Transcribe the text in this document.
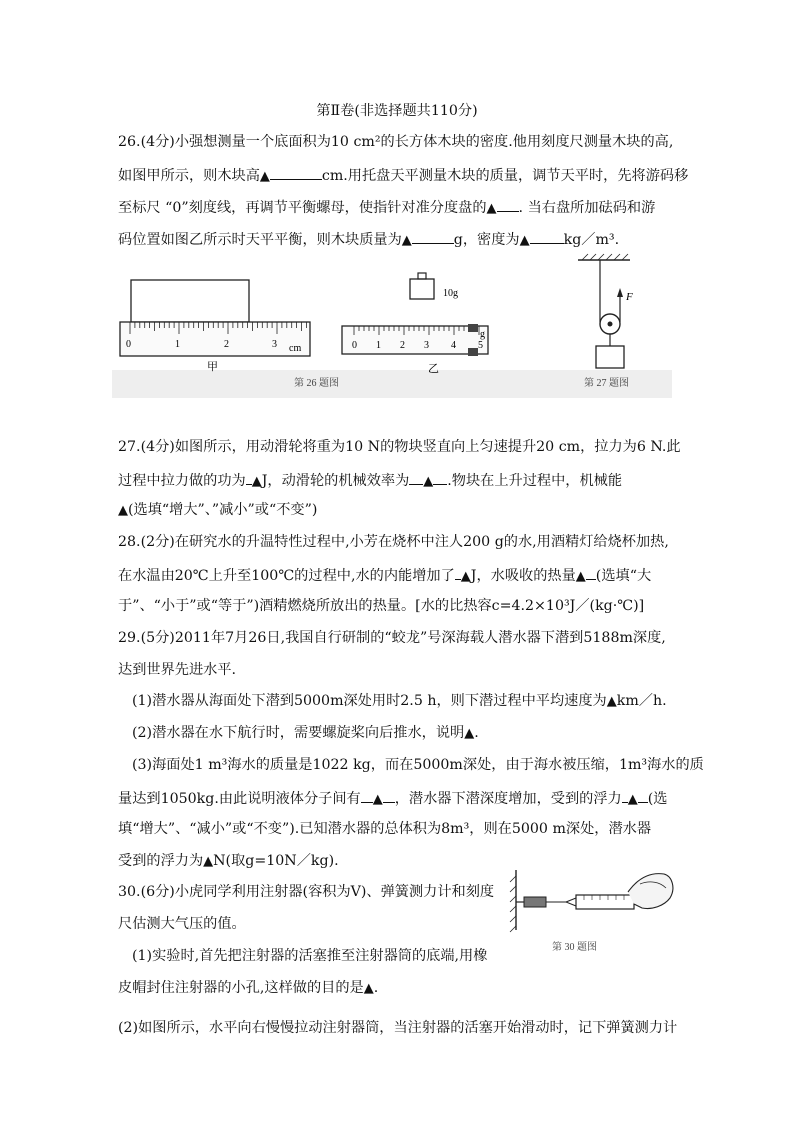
第Ⅱ卷(非选择题共110分)
26.(4分)小强想测量一个底面积为10 cm²的长方体木块的密度.他用刻度尺测量木块的高,
如图甲所示，则木块高▲	cm.用托盘天平测量木块的质量，调节天平时，先将游码移
至标尺 “0”刻度线，再调节平衡螺母，使指针对准分度盘的▲ . 当右盘所加砝码和游
码位置如图乙所示时天平平衡，则木块质量为▲	g，密度为▲ kg／m³.
0	1	2	3 cm
甲
10g
0 1 2 3 4 5
g
乙
第 26 题图
F
第 27 题图
27.(4分)如图所示，用动滑轮将重为10 N的物块竖直向上匀速提升20 cm，拉力为6 N.此
过程中拉力做的功为 ▲J，动滑轮的机械效率为 ▲ .物块在上升过程中，机械能
▲(选填“增大”、”减小”或“不变”)
28.(2分)在研究水的升温特性过程中,小芳在烧杯中注人200 g的水,用酒精灯给烧杯加热,
在水温由20℃上升至100℃的过程中,水的内能增加了 ▲J，水吸收的热量▲ (选填“大
于”、“小于”或“等于”)酒精燃烧所放出的热量。[水的比热容c=4.2×10³J／(kg·℃)]
29.(5分)2011年7月26日,我国自行研制的“蛟龙”号深海载人潜水器下潜到5188m深度,
达到世界先进水平.
(1)潜水器从海面处下潜到5000m深处用时2.5 h，则下潜过程中平均速度为▲km／h.
(2)潜水器在水下航行时，需要螺旋桨向后推水，说明▲.
(3)海面处1 m³海水的质量是1022 kg，而在5000m深处，由于海水被压缩，1m³海水的质
量达到1050kg.由此说明液体分子间有 ▲ ，潜水器下潜深度增加，受到的浮力 ▲ (选
填“增大”、“减小”或“不变”).已知潜水器的总体积为8m³，则在5000 m深处，潜水器
受到的浮力为▲N(取g=10N／kg).
30.(6分)小虎同学利用注射器(容积为V)、弹簧测力计和刻度
尺估测大气压的值。
(1)实验时,首先把注射器的活塞推至注射器筒的底端,用橡
皮帽封住注射器的小孔,这样做的目的是▲.
(2)如图所示，水平向右慢慢拉动注射器筒，当注射器的活塞开始滑动时，记下弹簧测力计
第 30 题图
